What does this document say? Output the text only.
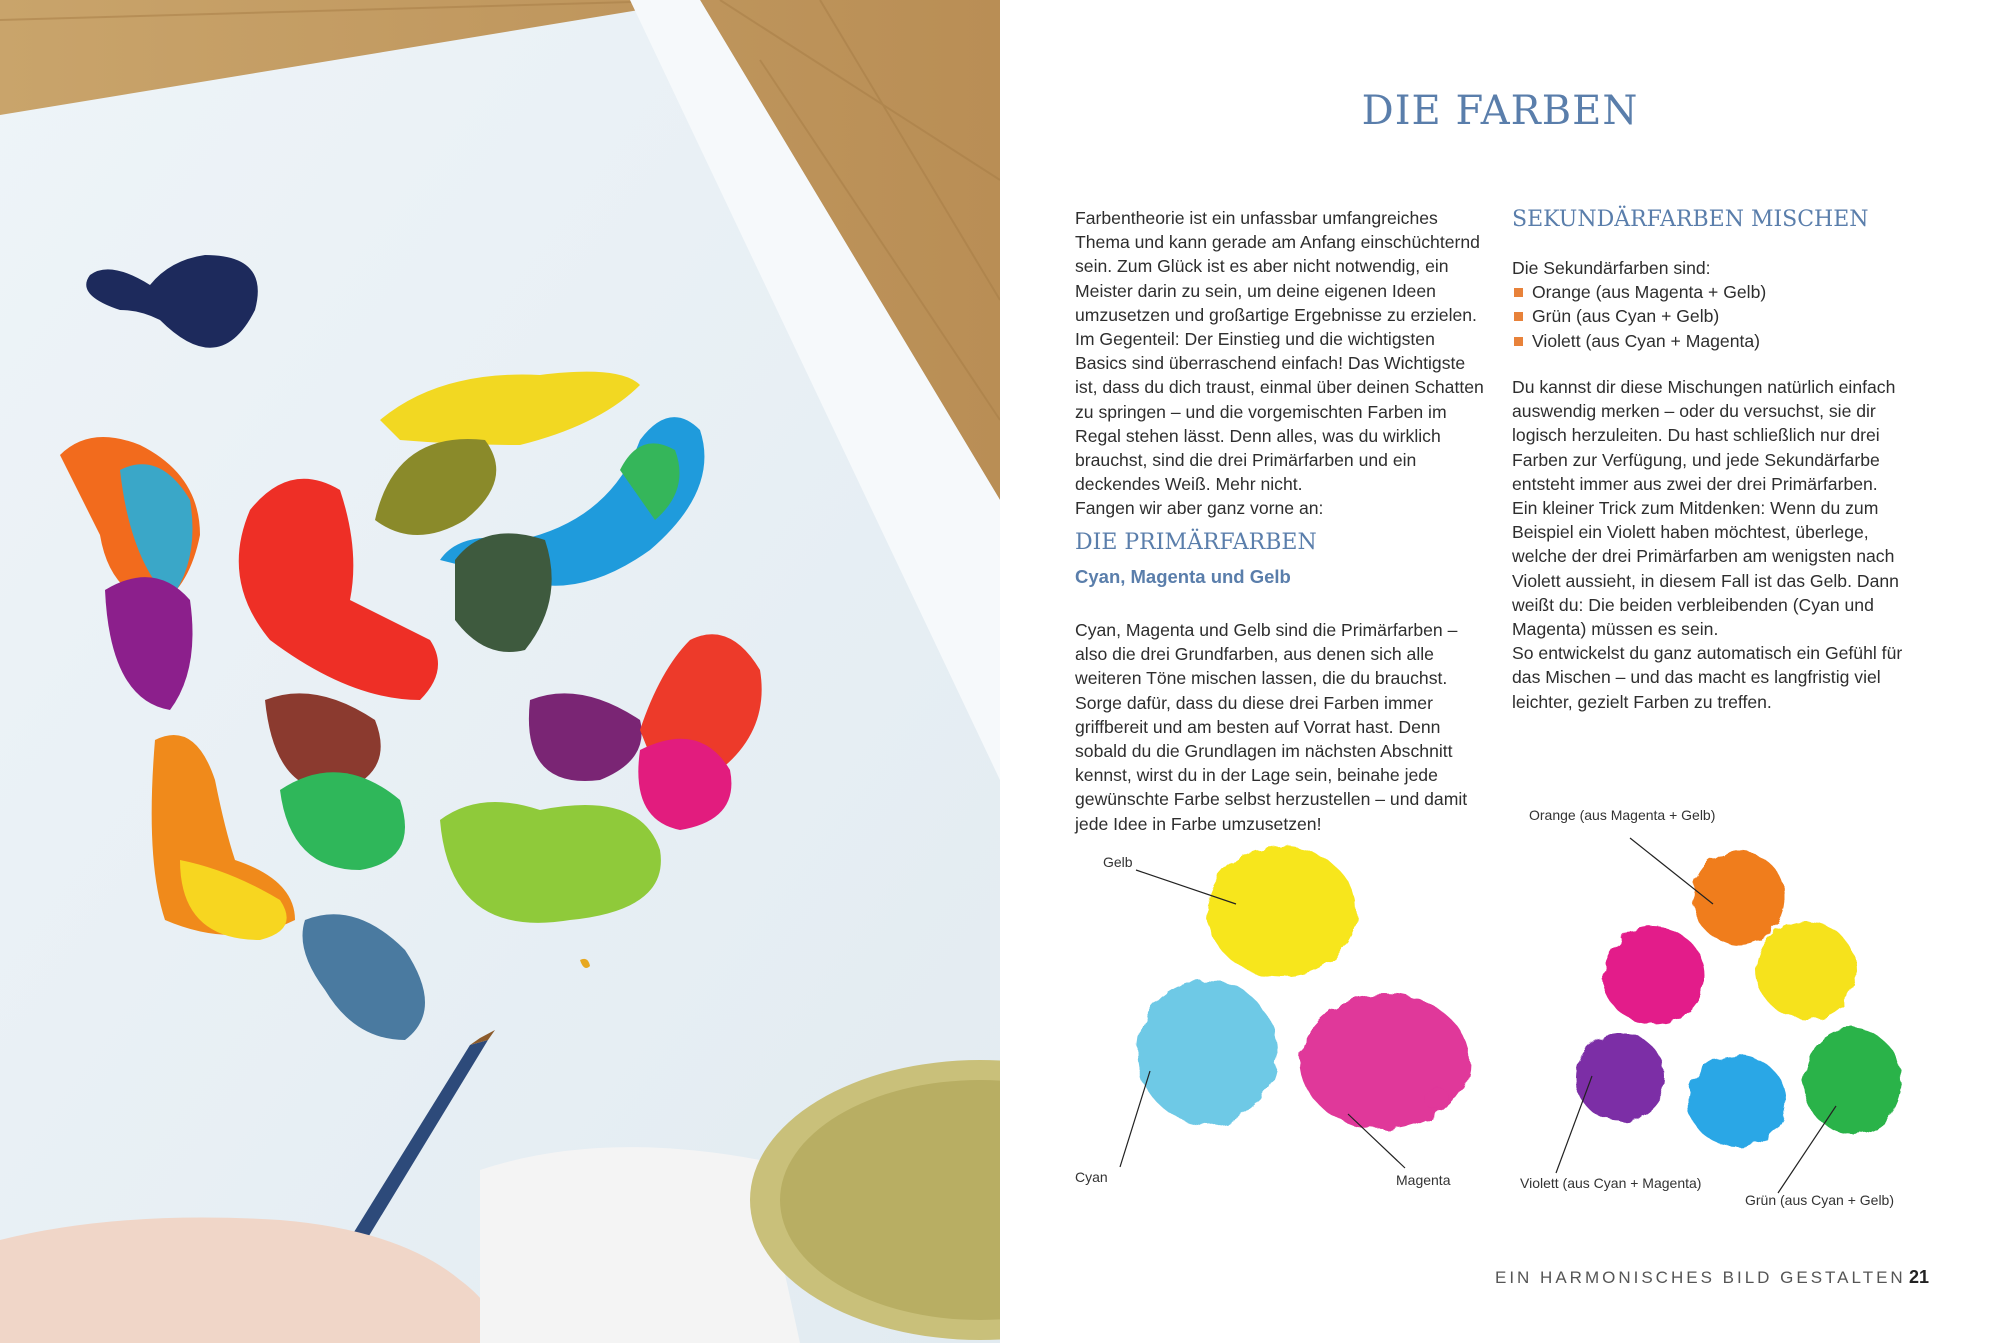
DIE FARBEN

Farbentheorie ist ein unfassbar umfangreiches Thema und kann gerade am Anfang einschüchternd sein. Zum Glück ist es aber nicht notwendig, ein Meister darin zu sein, um deine eigenen Ideen umzusetzen und großartige Ergebnisse zu erzielen. Im Gegenteil: Der Einstieg und die wichtigsten Basics sind überraschend einfach! Das Wichtigste ist, dass du dich traust, einmal über deinen Schatten zu springen – und die vorgemischten Farben im Regal stehen lässt. Denn alles, was du wirklich brauchst, sind die drei Primärfarben und ein deckendes Weiß. Mehr nicht.

Fangen wir aber ganz vorne an:

DIE PRIMÄRFARBEN
Cyan, Magenta und Gelb
Cyan, Magenta und Gelb sind die Primärfarben – also die drei Grundfarben, aus denen sich alle weiteren Töne mischen lassen, die du brauchst. Sorge dafür, dass du diese drei Farben immer griffbereit und am besten auf Vorrat hast. Denn sobald du die Grundlagen im nächsten Abschnitt kennst, wirst du in der Lage sein, beinahe jede gewünschte Farbe selbst herzustellen – und damit jede Idee in Farbe umzusetzen!
SEKUNDÄRFARBEN MISCHEN

Die Sekundärfarben sind:

Orange (aus Magenta + Gelb)
Grün (aus Cyan + Gelb)
Violett (aus Cyan + Magenta)

Du kannst dir diese Mischungen natürlich einfach auswendig merken – oder du versuchst, sie dir logisch herzuleiten. Du hast schließlich nur drei Farben zur Verfügung, und jede Sekundärfarbe entsteht immer aus zwei der drei Primärfarben.

Ein kleiner Trick zum Mitdenken: Wenn du zum Beispiel ein Violett haben möchtest, überlege, welche der drei Primärfarben am wenigsten nach Violett aussieht, in diesem Fall ist das Gelb. Dann weißt du: Die beiden verbleibenden (Cyan und Magenta) müssen es sein.

So entwickelst du ganz automatisch ein Gefühl für das Mischen – und das macht es langfristig viel leichter, gezielt Farben zu treffen.

Gelb
Cyan	Magenta
Orange (aus Magenta + Gelb)
Violett (aus Cyan + Magenta)
Grün (aus Cyan + Gelb)
EIN HARMONISCHES BILD GESTALTEN 21
